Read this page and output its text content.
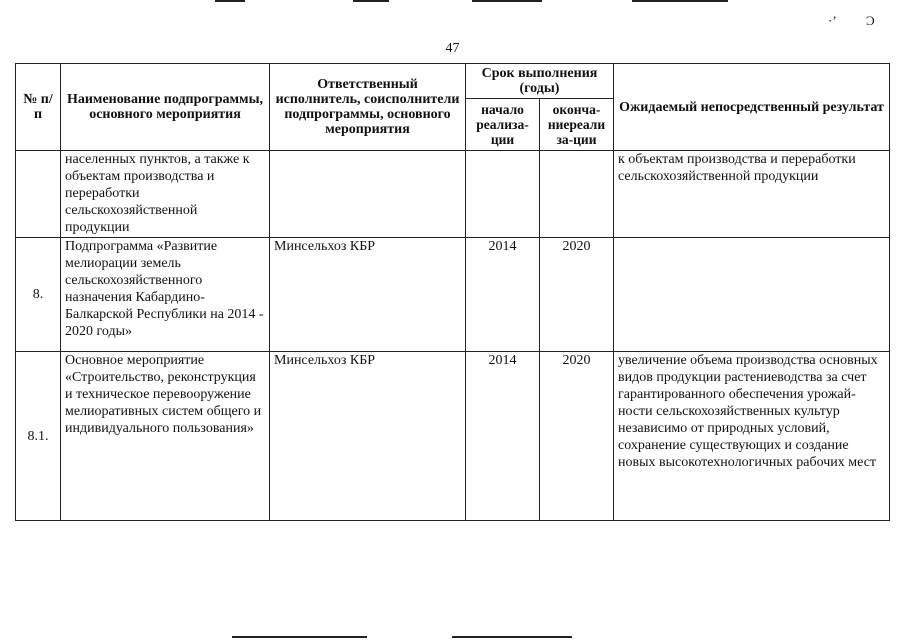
·ʼ Ͻ
47
№ п/п	Наименование подпрограммы, основного мероприятия	Ответственный исполнитель, соисполнители подпрограммы, основного мероприятия	Срок выполнения (годы)		Ожидаемый непосредственный результат
			начало реализа-ции	оконча-ниереали за-ции	
	населенных пунктов, а также к объектам производства и переработки сельскохозяйственной продукции				к объектам производства и переработки сельскохозяйственной продукции
8.	Подпрограмма «Развитие мелиорации земель сельскохозяйственного назначения Кабардино-Балкарской Республики на 2014 - 2020 годы»	Минсельхоз КБР	2014	2020	
8.1.	Основное мероприятие «Строительство, реконструкция и техническое перевооружение мелиоративных систем общего и индивидуального пользования»	Минсельхоз КБР	2014	2020	увеличение объема производства основных видов продукции растениеводства за счет гарантированного обеспечения урожай-ности сельскохозяйственных культур независимо от природных условий, сохранение существующих и создание новых высокотехнологичных рабочих мест
